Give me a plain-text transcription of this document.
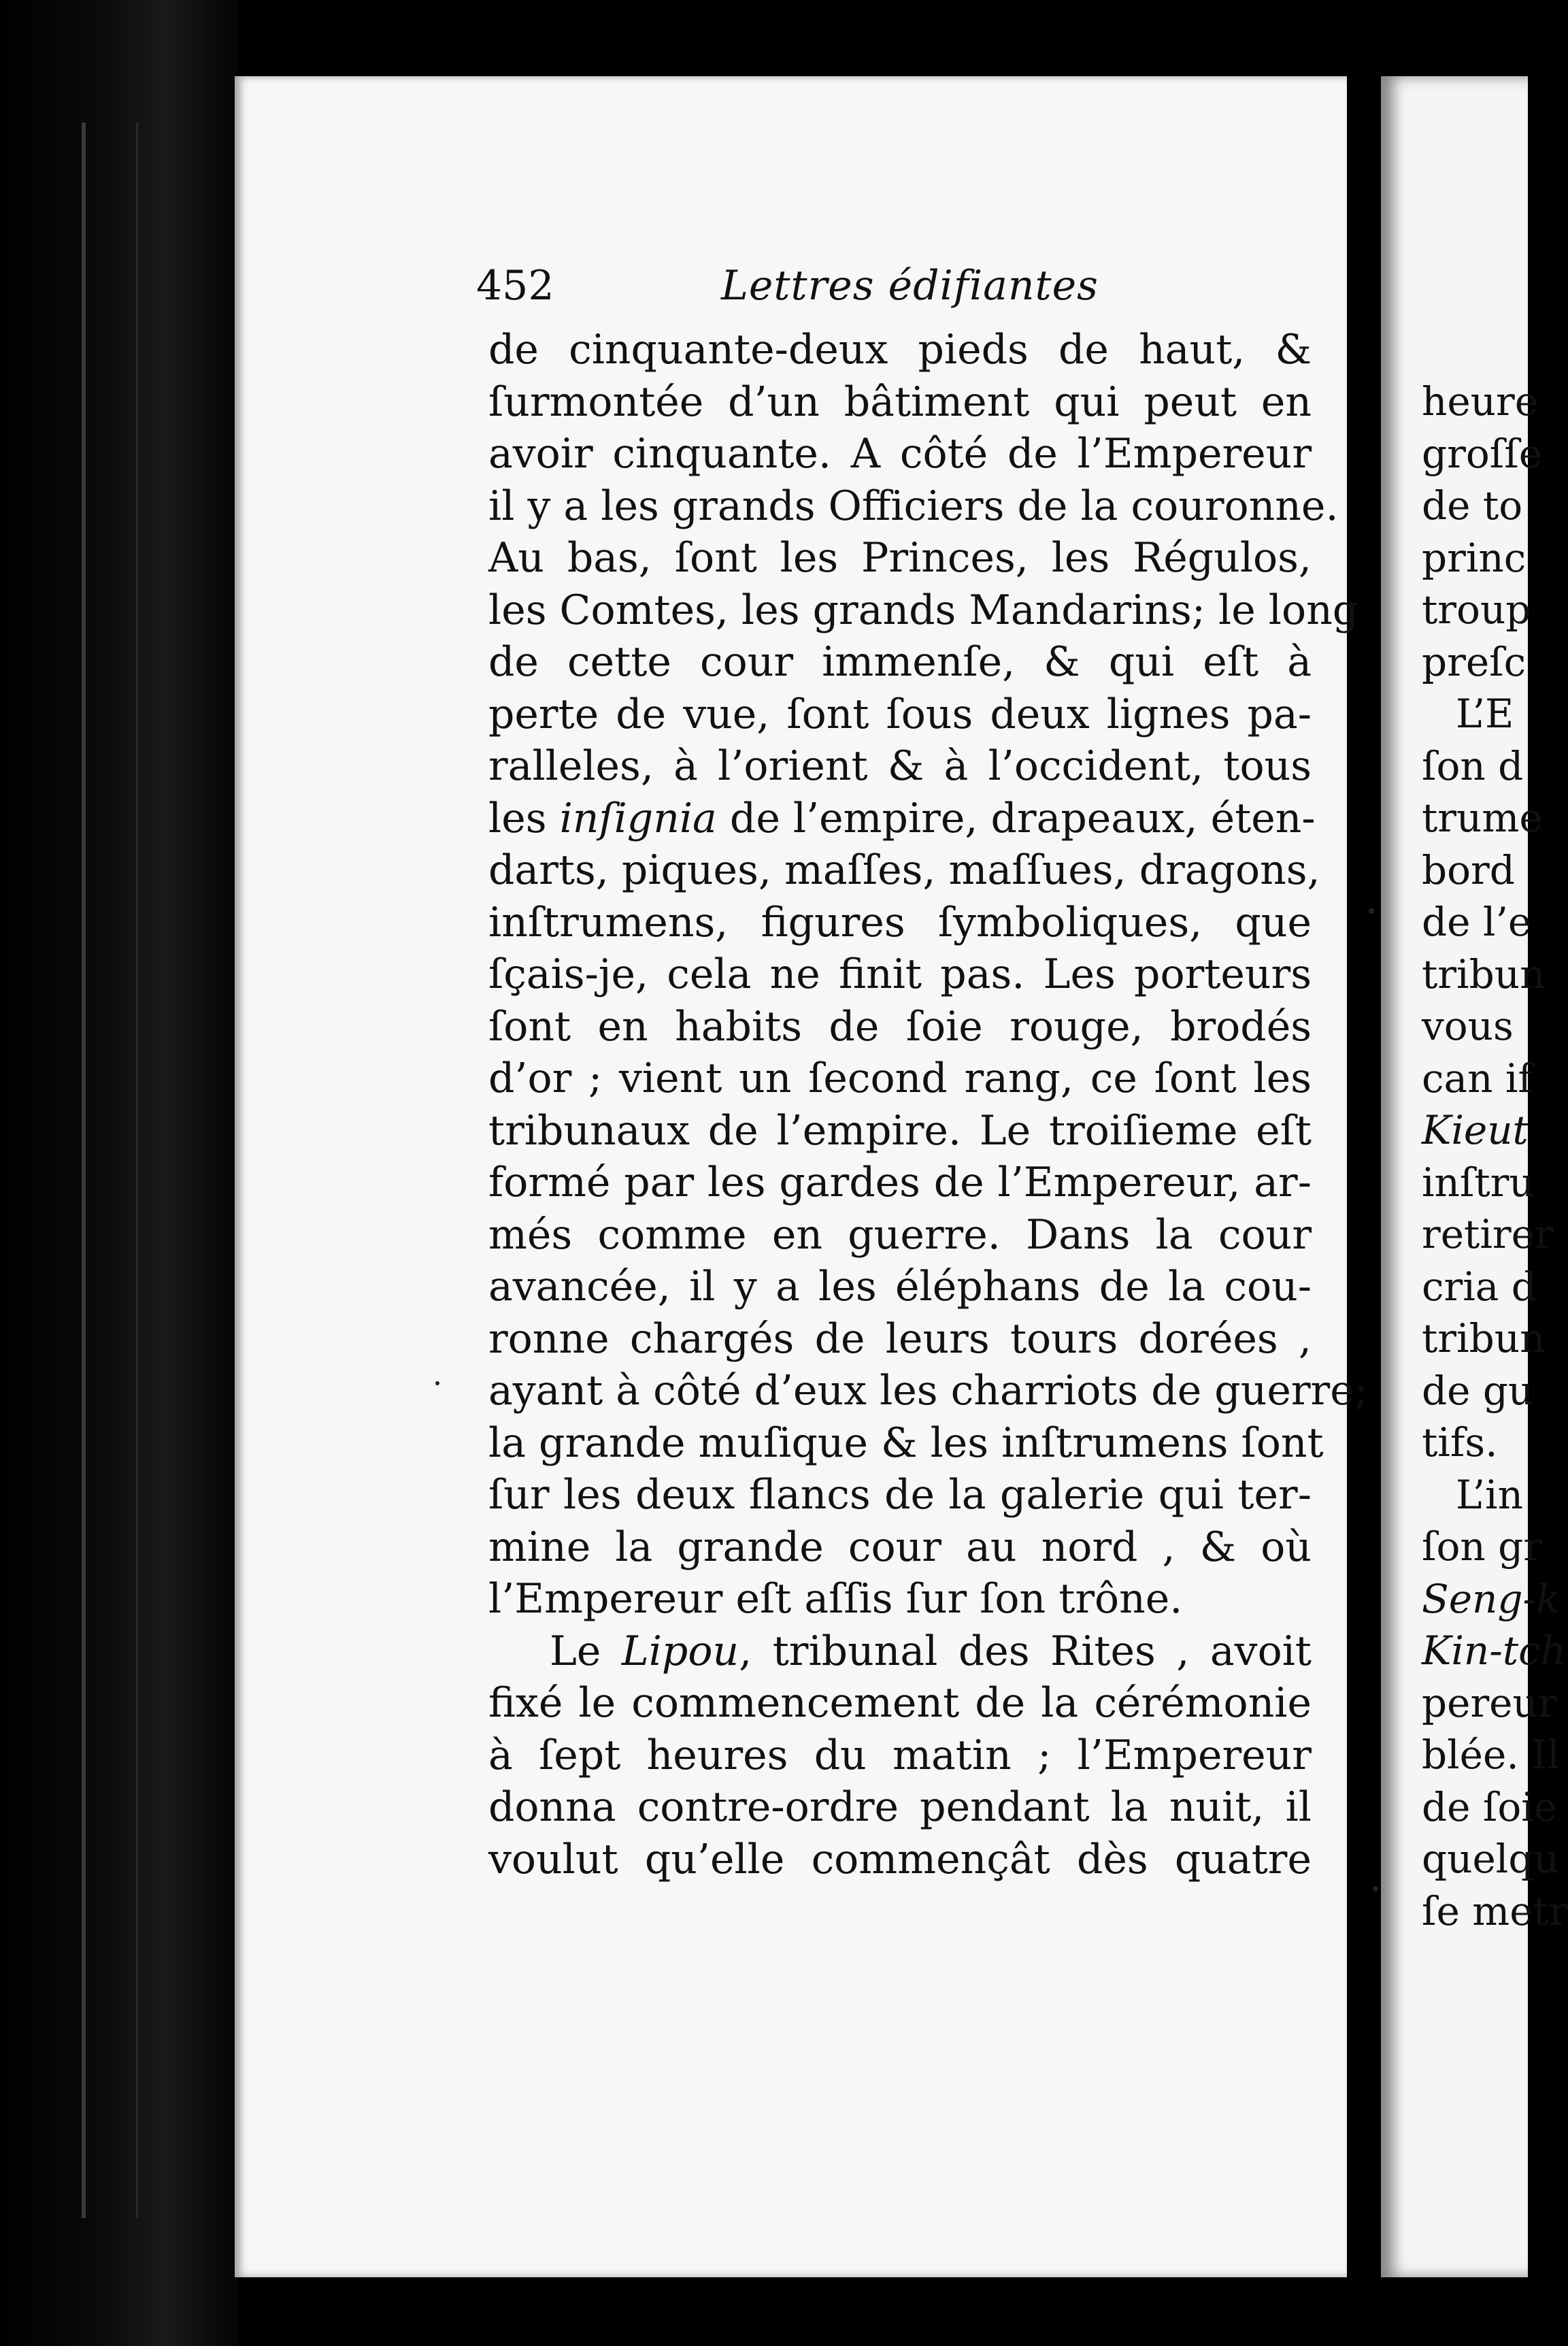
452	Lettres édifiantes
de cinquante-deux pieds de haut, &
ſurmontée d’un bâtiment qui peut en
avoir cinquante. A côté de l’Empereur
il y a les grands Officiers de la couronne.
Au bas, ſont les Princes, les Régulos,
les Comtes, les grands Mandarins; le long
de cette cour immenſe, & qui eſt à
perte de vue, ſont ſous deux lignes pa-
ralleles, à l’orient & à l’occident, tous
les inſignia de l’empire, drapeaux, éten-
darts, piques, maſſes, maſſues, dragons,
inſtrumens, figures ſymboliques, que
ſçais-je, cela ne finit pas. Les porteurs
ſont en habits de ſoie rouge, brodés
d’or ; vient un ſecond rang, ce ſont les
tribunaux de l’empire. Le troiſieme eſt
formé par les gardes de l’Empereur, ar-
més comme en guerre. Dans la cour
avancée, il y a les éléphans de la cou-
ronne chargés de leurs tours dorées ,
ayant à côté d’eux les charriots de guerre;
la grande muſique & les inſtrumens ſont
ſur les deux flancs de la galerie qui ter-
mine la grande cour au nord , & où
l’Empereur eſt aſſis ſur ſon trône.
Le Lipou, tribunal des Rites , avoit
fixé le commencement de la cérémonie
à ſept heures du matin ; l’Empereur
donna contre-ordre pendant la nuit, il
voulut qu’elle commençât dès quatre
heure
groſſe
de to
princ
troup
preſc
L’E
ſon d
trume
bord
de l’e
tribun
vous
can if
Kieut
inſtru
retirer
cria d
tribun
de gu
tifs.
L’in
ſon gr
Seng-k
Kin-tch
pereur
blée. Il
de ſoie
quelqu
ſe metr
